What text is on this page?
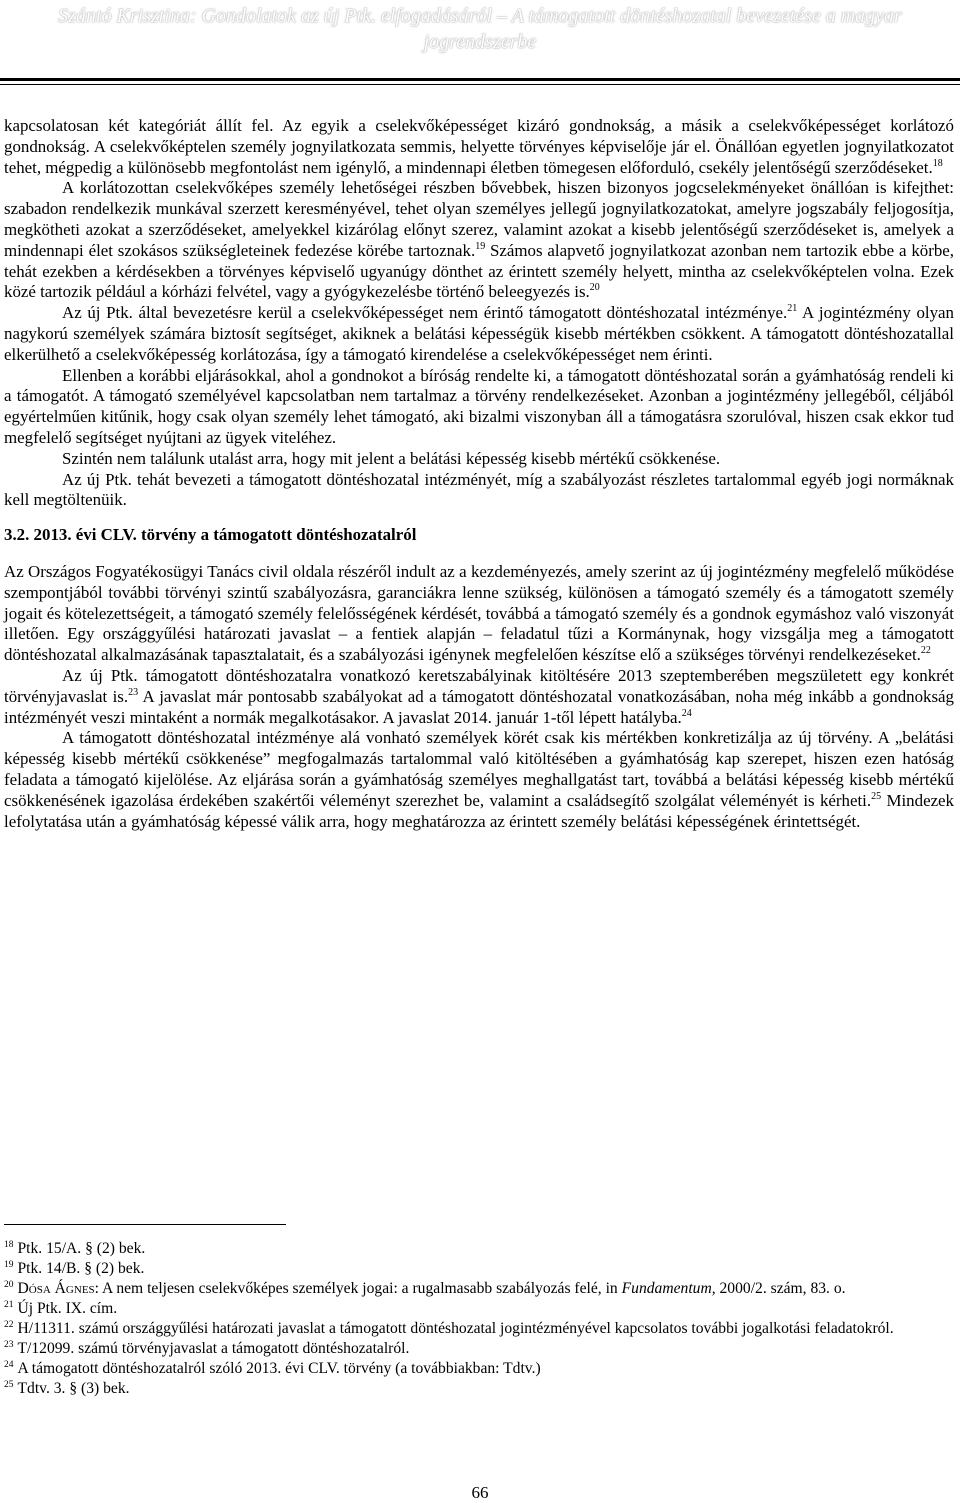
Szántó Krisztina: Gondolatok az új Ptk. elfogadásáról – A támogatott döntéshozatal bevezetése a magyar jogrendszerbe

kapcsolatosan két kategóriát állít fel. Az egyik a cselekvőképességet kizáró gondnokság, a másik a cselekvőképességet korlátozó gondnokság. A cselekvőképtelen személy jognyilatkozata semmis, helyette törvényes képviselője jár el. Önállóan egyetlen jognyilatkozatot tehet, mégpedig a különösebb megfontolást nem igénylő, a mindennapi életben tömegesen előforduló, csekély jelentőségű szerződéseket.$^{18}$

A korlátozottan cselekvőképes személy lehetőségei részben bővebbek, hiszen bizonyos jogcselekményeket önállóan is kifejthet: szabadon rendelkezik munkával szerzett keresményével, tehet olyan személyes jellegű jognyilatkozatokat, amelyre jogszabály feljogosítja, megkötheti azokat a szerződéseket, amelyekkel kizárólag előnyt szerez, valamint azokat a kisebb jelentőségű szerződéseket is, amelyek a mindennapi élet szokásos szükségleteinek fedezése körébe tartoznak.$^{19}$ Számos alapvető jognyilatkozat azonban nem tartozik ebbe a körbe, tehát ezekben a kérdésekben a törvényes képviselő ugyanúgy dönthet az érintett személy helyett, mintha az cselekvőképtelen volna. Ezek közé tartozik például a kórházi felvétel, vagy a gyógykezelésbe történő beleegyezés is.$^{20}$

Az új Ptk. által bevezetésre kerül a cselekvőképességet nem érintő támogatott döntéshozatal intézménye.$^{21}$ A jogintézmény olyan nagykorú személyek számára biztosít segítséget, akiknek a belátási képességük kisebb mértékben csökkent. A támogatott döntéshozatallal elkerülhető a cselekvőképesség korlátozása, így a támogató kirendelése a cselekvőképességet nem érinti.

Ellenben a korábbi eljárásokkal, ahol a gondnokot a bíróság rendelte ki, a támogatott döntéshozatal során a gyámhatóság rendeli ki a támogatót. A támogató személyével kapcsolatban nem tartalmaz a törvény rendelkezéseket. Azonban a jogintézmény jellegéből, céljából egyértelműen kitűnik, hogy csak olyan személy lehet támogató, aki bizalmi viszonyban áll a támogatásra szorulóval, hiszen csak ekkor tud megfelelő segítséget nyújtani az ügyek viteléhez.

Szintén nem találunk utalást arra, hogy mit jelent a belátási képesség kisebb mértékű csökkenése.

Az új Ptk. tehát bevezeti a támogatott döntéshozatal intézményét, míg a szabályozást részletes tartalommal egyéb jogi normáknak kell megtöltenüik.

3.2. 2013. évi CLV. törvény a támogatott döntéshozatalról

Az Országos Fogyatékosügyi Tanács civil oldala részéről indult az a kezdeményezés, amely szerint az új jogintézmény megfelelő működése szempontjából további törvényi szintű szabályozásra, garanciákra lenne szükség, különösen a támogató személy és a támogatott személy jogait és kötelezettségeit, a támogató személy felelősségének kérdését, továbbá a támogató személy és a gondnok egymáshoz való viszonyát illetően. Egy országgyűlési határozati javaslat – a fentiek alapján – feladatul tűzi a Kormánynak, hogy vizsgálja meg a támogatott döntéshozatal alkalmazásának tapasztalatait, és a szabályozási igénynek megfelelően készítse elő a szükséges törvényi rendelkezéseket.$^{22}$

Az új Ptk. támogatott döntéshozatalra vonatkozó keretszabályinak kitöltésére 2013 szeptemberében megszületett egy konkrét törvényjavaslat is.$^{23}$ A javaslat már pontosabb szabályokat ad a támogatott döntéshozatal vonatkozásában, noha még inkább a gondnokság intézményét veszi mintaként a normák megalkotásakor. A javaslat 2014. január 1-től lépett hatályba.$^{24}$

A támogatott döntéshozatal intézménye alá vonható személyek körét csak kis mértékben konkretizálja az új törvény. A „belátási képesség kisebb mértékű csökkenése” megfogalmazás tartalommal való kitöltésében a gyámhatóság kap szerepet, hiszen ezen hatóság feladata a támogató kijelölése. Az eljárása során a gyámhatóság személyes meghallgatást tart, továbbá a belátási képesség kisebb mértékű csökkenésének igazolása érdekében szakértői véleményt szerezhet be, valamint a családsegítő szolgálat véleményét is kérheti.$^{25}$ Mindezek lefolytatása után a gyámhatóság képessé válik arra, hogy meghatározza az érintett személy belátási képességének érintettségét.

$^{18}$ Ptk. 15/A. § (2) bek.

$^{19}$ Ptk. 14/B. § (2) bek.

$^{20}$ Dósa Ágnes: A nem teljesen cselekvőképes személyek jogai: a rugalmasabb szabályozás felé, in Fundamentum, 2000/2. szám, 83. o.

$^{21}$ Új Ptk. IX. cím.

$^{22}$ H/11311. számú országgyűlési határozati javaslat a támogatott döntéshozatal jogintézményével kapcsolatos további jogalkotási feladatokról.

$^{23}$ T/12099. számú törvényjavaslat a támogatott döntéshozatalról.

$^{24}$ A támogatott döntéshozatalról szóló 2013. évi CLV. törvény (a továbbiakban: Tdtv.)

$^{25}$ Tdtv. 3. § (3) bek.

66
